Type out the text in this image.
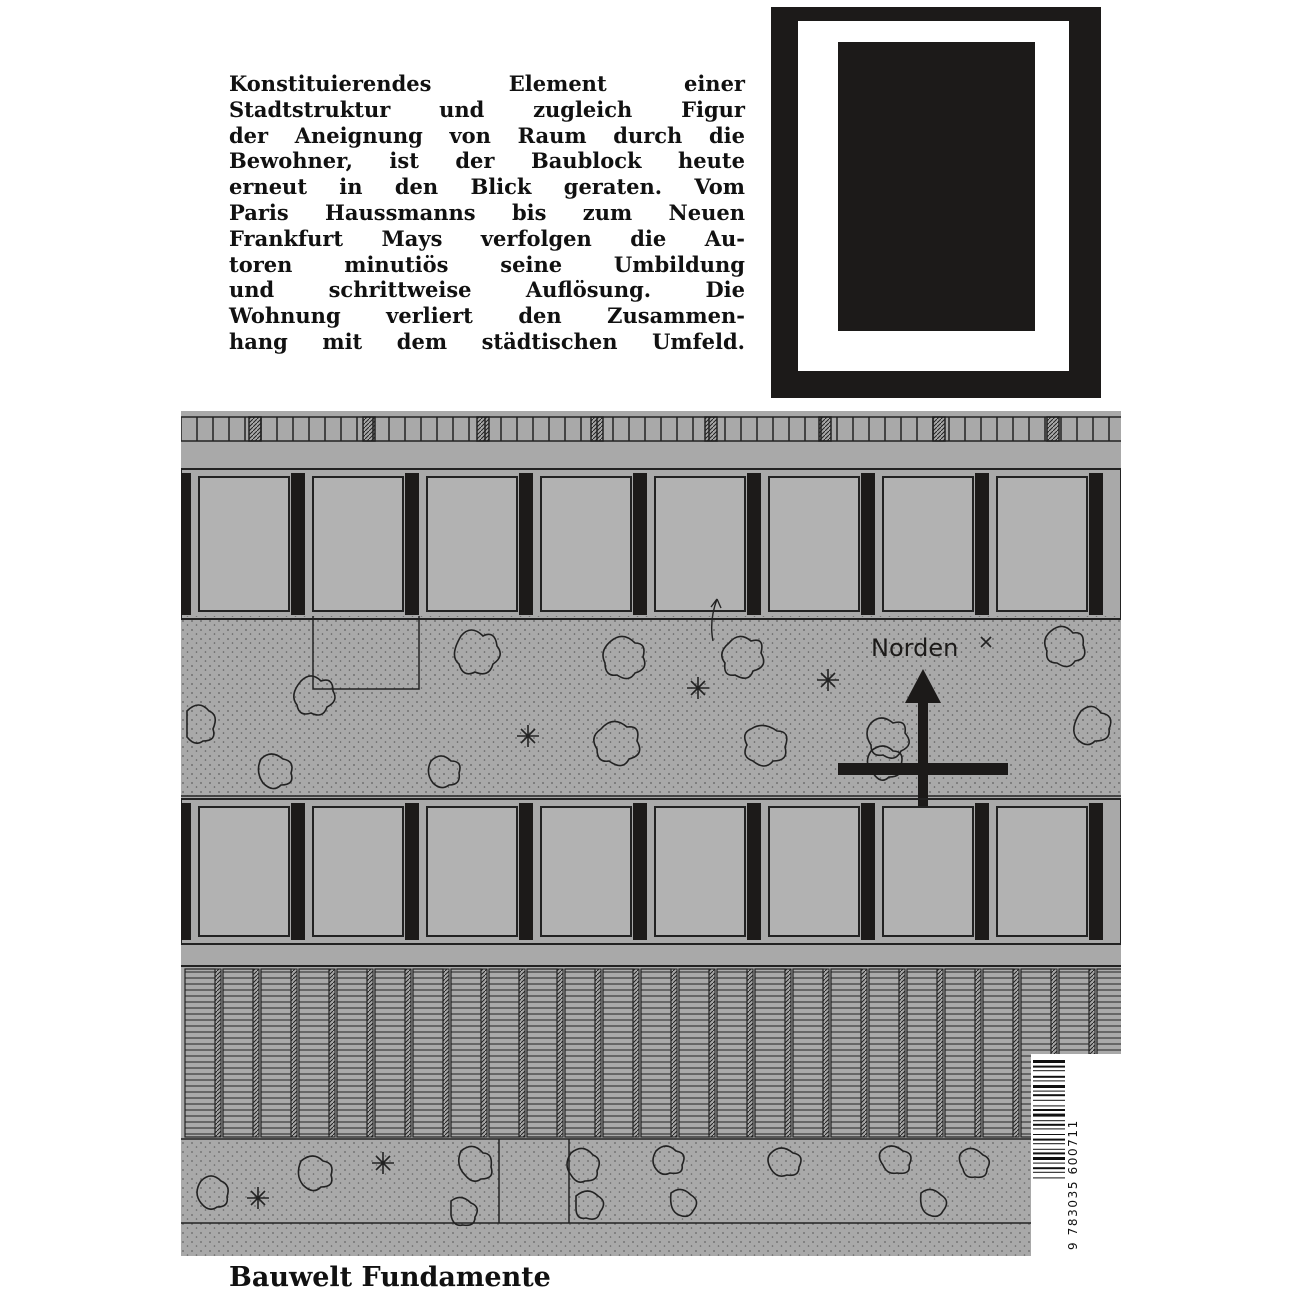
Konstituierendes Element einer
Stadtstruktur und zugleich Figur
der Aneignung von Raum durch die
Bewohner, ist der Baublock heute
erneut in den Blick geraten. Vom
Paris Haussmanns bis zum Neuen
Frankfurt Mays verfolgen die Au-
toren minutiös seine Umbildung
und schrittweise Auflösung. Die
Wohnung verliert den Zusammen-
hang mit dem städtischen Umfeld.
Norden
9 783035 600711
Bauwelt Fundamente
